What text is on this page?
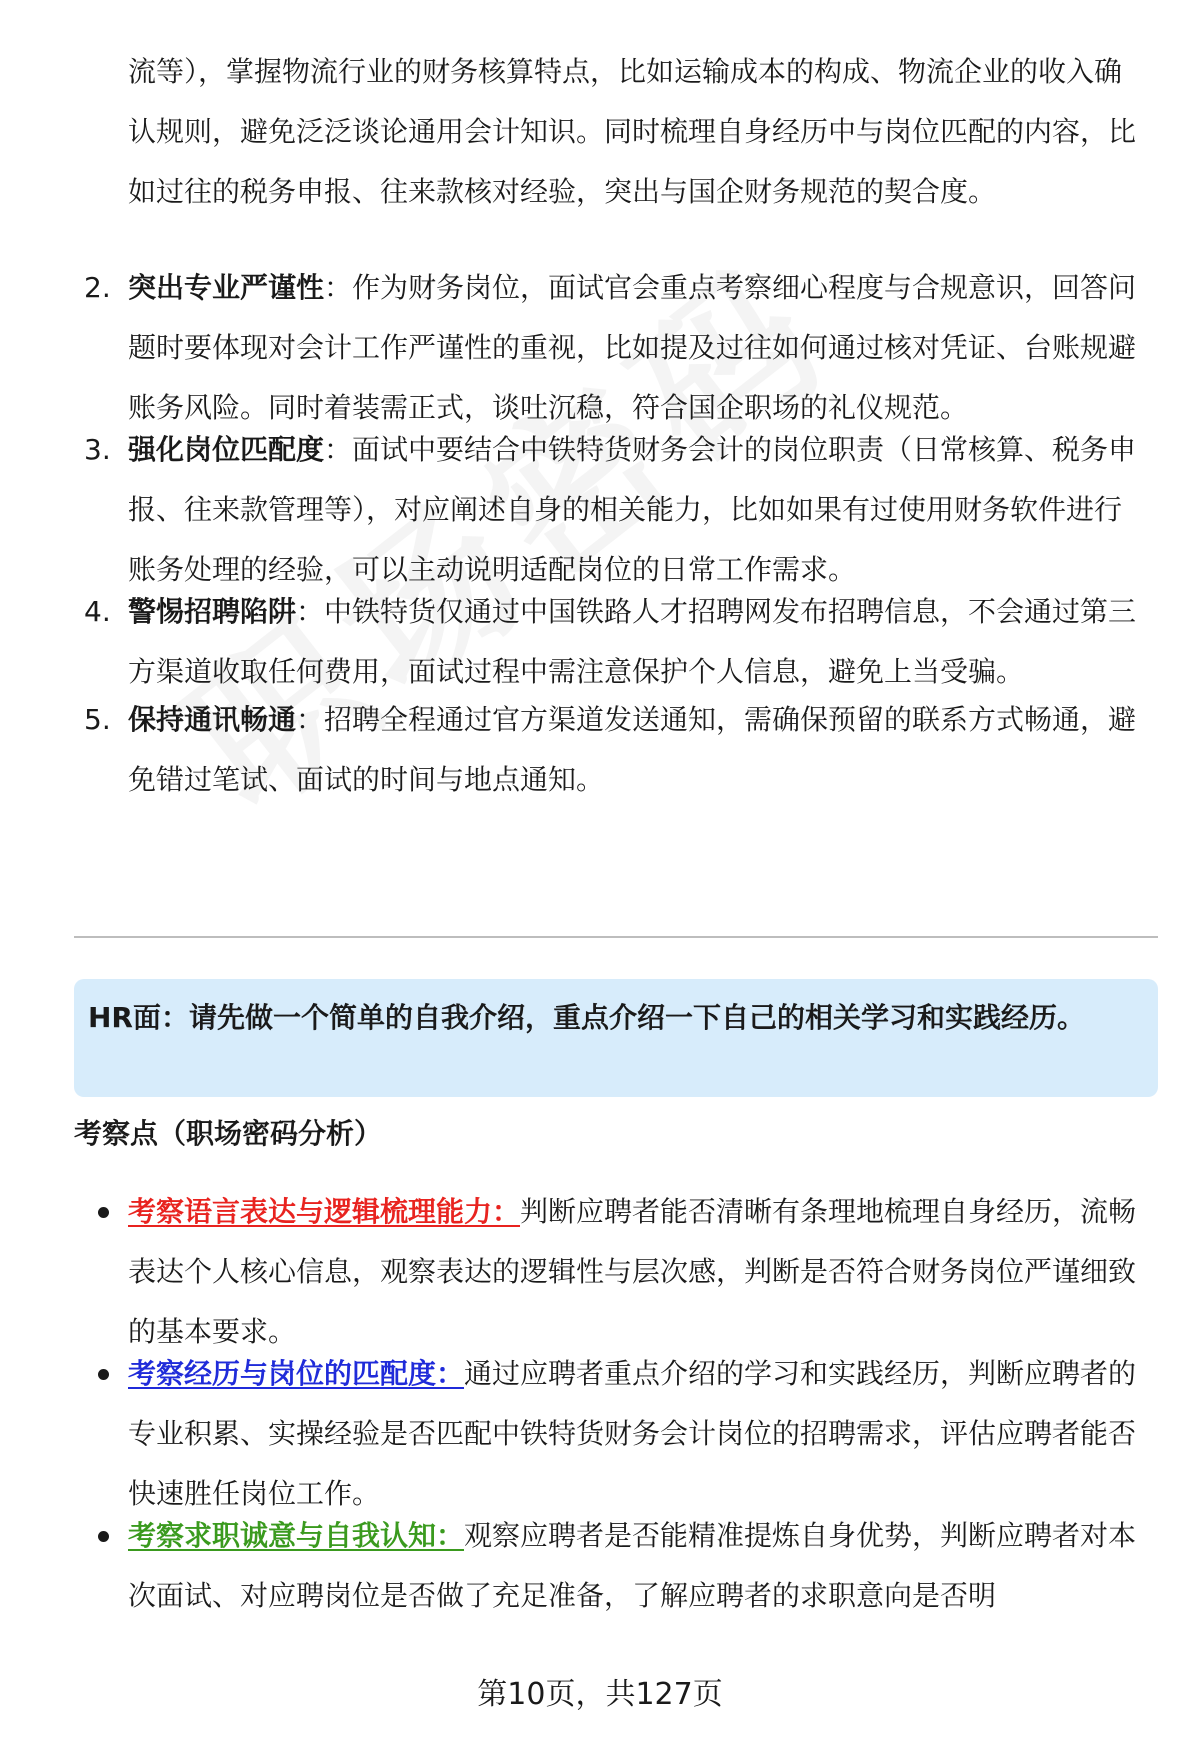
流等），掌握物流行业的财务核算特点，比如运输成本的构成、物流企业的收入确认规则，避免泛泛谈论通用会计知识。同时梳理自身经历中与岗位匹配的内容，比如过往的税务申报、往来款核对经验，突出与国企财务规范的契合度。

2. 突出专业严谨性：作为财务岗位，面试官会重点考察细心程度与合规意识，回答问题时要体现对会计工作严谨性的重视，比如提及过往如何通过核对凭证、台账规避账务风险。同时着装需正式，谈吐沉稳，符合国企职场的礼仪规范。
3. 强化岗位匹配度：面试中要结合中铁特货财务会计的岗位职责（日常核算、税务申报、往来款管理等），对应阐述自身的相关能力，比如如果有过使用财务软件进行账务处理的经验，可以主动说明适配岗位的日常工作需求。
4. 警惕招聘陷阱：中铁特货仅通过中国铁路人才招聘网发布招聘信息，不会通过第三方渠道收取任何费用，面试过程中需注意保护个人信息，避免上当受骗。
5. 保持通讯畅通：招聘全程通过官方渠道发送通知，需确保预留的联系方式畅通，避免错过笔试、面试的时间与地点通知。
HR面：请先做一个简单的自我介绍，重点介绍一下自己的相关学习和实践经历。
考察点（职场密码分析）
考察语言表达与逻辑梳理能力：判断应聘者能否清晰有条理地梳理自身经历，流畅表达个人核心信息，观察表达的逻辑性与层次感，判断是否符合财务岗位严谨细致的基本要求。
考察经历与岗位的匹配度：通过应聘者重点介绍的学习和实践经历，判断应聘者的专业积累、实操经验是否匹配中铁特货财务会计岗位的招聘需求，评估应聘者能否快速胜任岗位工作。
考察求职诚意与自我认知：观察应聘者是否能精准提炼自身优势，判断应聘者对本次面试、对应聘岗位是否做了充足准备，了解应聘者的求职意向是否明
第10页，共127页
